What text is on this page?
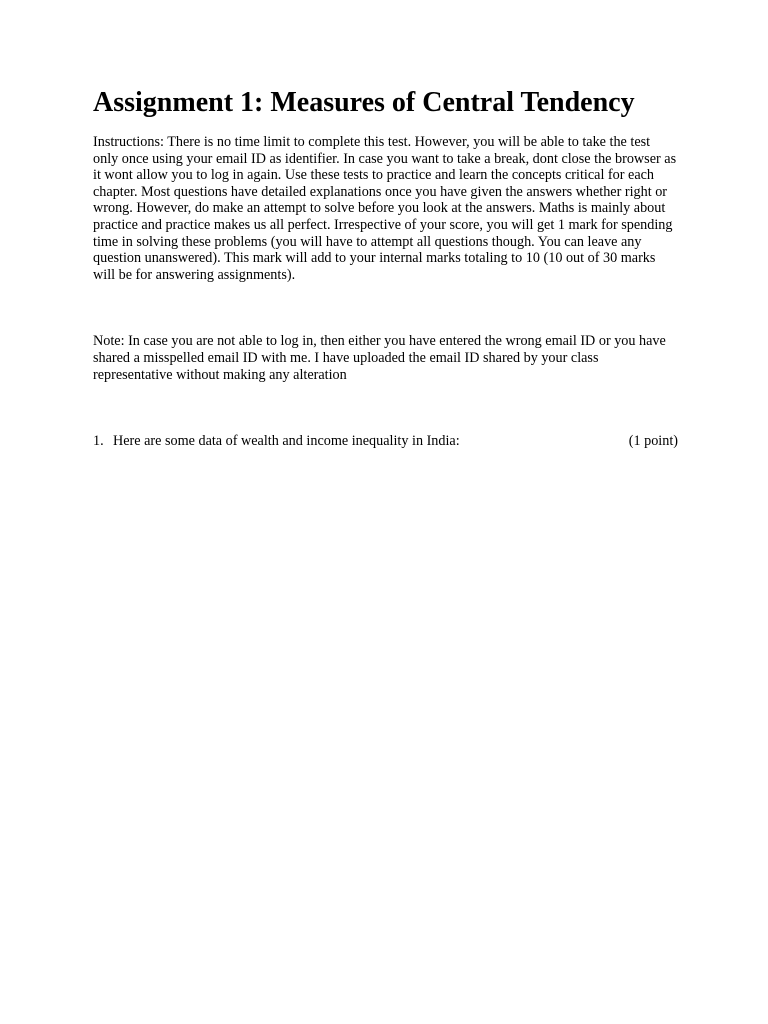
Assignment 1: Measures of Central Tendency

Instructions: There is no time limit to complete this test. However, you will be able to take the test only once using your email ID as identifier. In case you want to take a break, dont close the browser as it wont allow you to log in again. Use these tests to practice and learn the concepts critical for each chapter. Most questions have detailed explanations once you have given the answers whether right or wrong. However, do make an attempt to solve before you look at the answers. Maths is mainly about practice and practice makes us all perfect. Irrespective of your score, you will get 1 mark for spending time in solving these problems (you will have to attempt all questions though. You can leave any question unanswered). This mark will add to your internal marks totaling to 10 (10 out of 30 marks will be for answering assignments).

Note: In case you are not able to log in, then either you have entered the wrong email ID or you have shared a misspelled email ID with me. I have uploaded the email ID shared by your class representative without making any alteration

1. Here are some data of wealth and income inequality in India:	(1 point)
